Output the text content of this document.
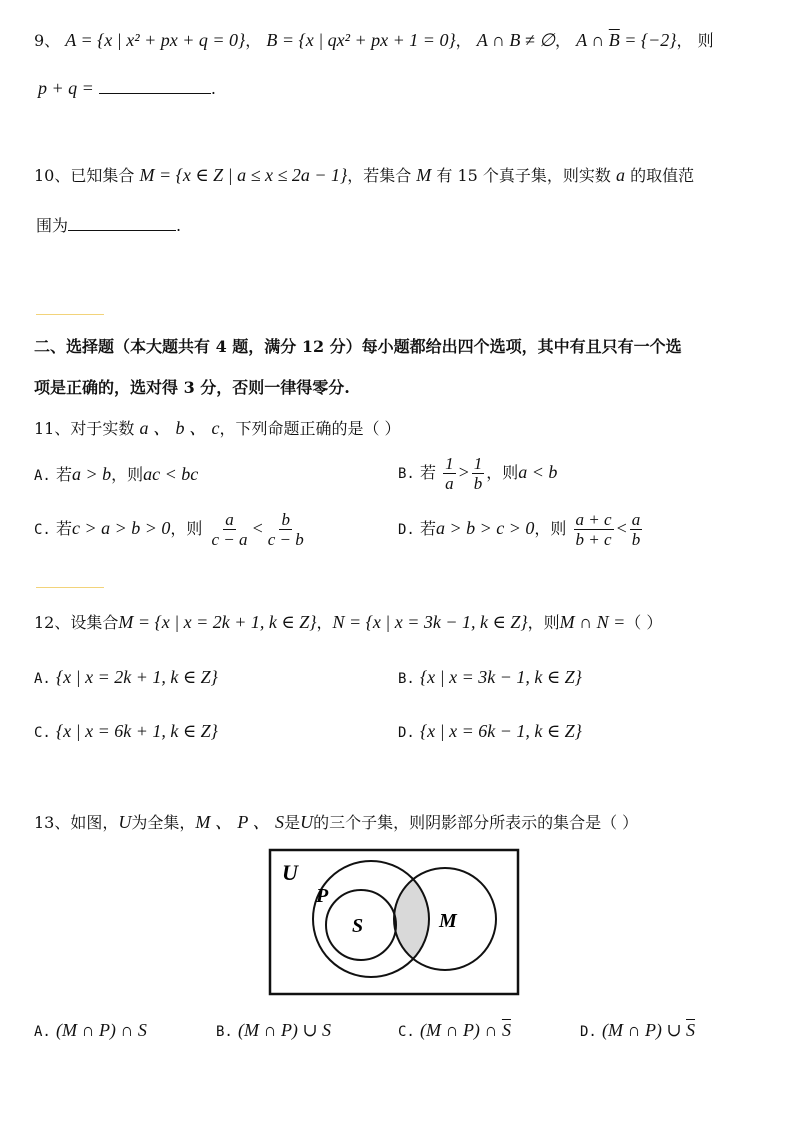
9、 A = {x | x² + px + q = 0}， B = {x | qx² + px + 1 = 0}， A ∩ B ≠ ∅， A ∩ $\overline{B} = \{-2\}$， 则
p + q =	.
10、已知集合 M = {x ∈ Z | a ≤ x ≤ 2a − 1}，若集合 M 有 15 个真子集，则实数 a 的取值范
围为	.
二、选择题（本大题共有 4 题，满分 12 分）每小题都给出四个选项，其中有且只有一个选
项是正确的，选对得 3 分，否则一律得零分.
11、对于实数 a 、 b 、 c，下列命题正确的是（ ）
A. 若a > b，则ac < bc	B. 若 $\frac{1}{a} > \frac{1}{b}$ ，则a < b
C. 若c > a > b > 0，则 $\frac{a}{c - a} < \frac{b}{c - b}$	D. 若a > b > c > 0，则 $\frac{a + c}{b + c} < \frac{a}{b}$
12、设集合M = {x | x = 2k + 1, k ∈ Z}，N = {x | x = 3k − 1, k ∈ Z}，则M ∩ N =（ ）
A. {x | x = 2k + 1, k ∈ Z}	B. {x | x = 3k − 1, k ∈ Z}
C. {x | x = 6k + 1, k ∈ Z}	D. {x | x = 6k − 1, k ∈ Z}
13、如图，U为全集，M 、 P 、 S是U的三个子集，则阴影部分所表示的集合是（ ）
U
P
S	M
A. (M ∩ P) ∩ S	B. (M ∩ P) ∪ S	C. (M ∩ P) ∩ $\overline{S}$	D. (M ∩ P) ∪ $\overline{S}$
